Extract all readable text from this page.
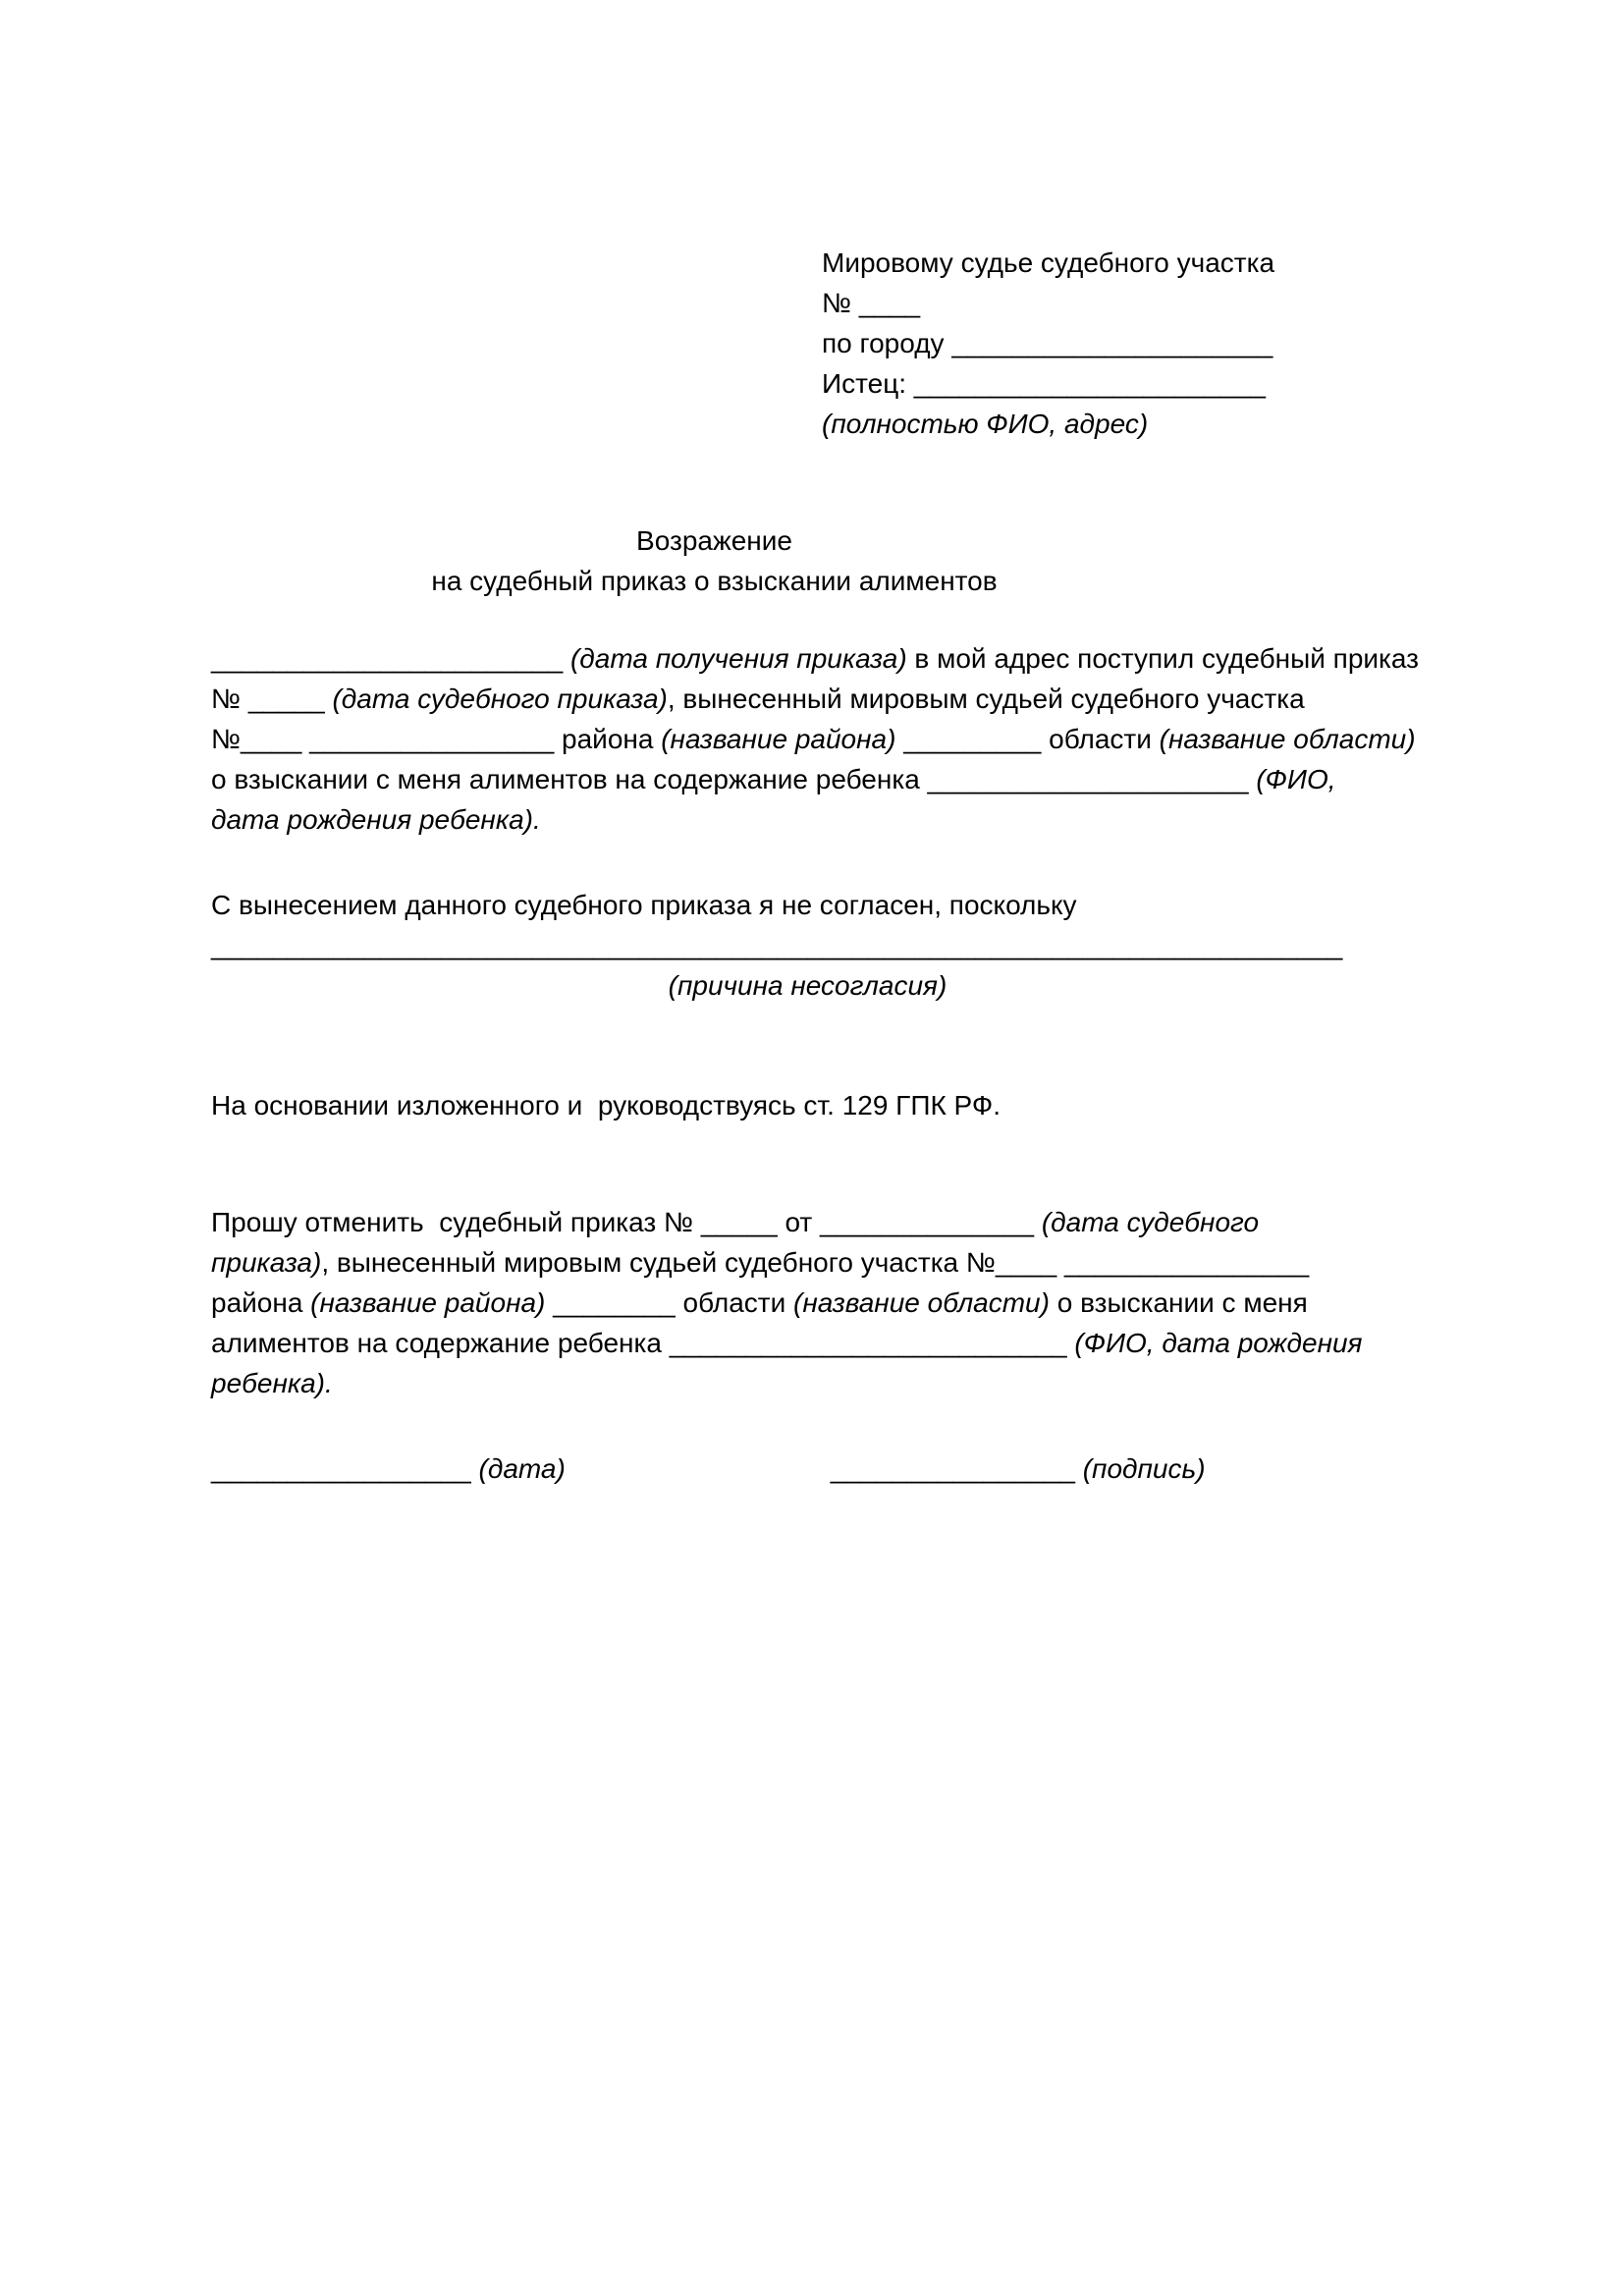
Мировому судье судебного участка
№ ____
по городу _____________________
Истец: _______________________
(полностью ФИО, адрес)
Возражение
на судебный приказ о взыскании алиментов
_______________________ (дата получения приказа) в мой адрес поступил судебный приказ
№ _____ (дата судебного приказа), вынесенный мировым судьей судебного участка
№____ ________________ района (название района) _________ области (название области)
о взыскании с меня алиментов на содержание ребенка _____________________ (ФИО,
дата рождения ребенка).
С вынесением данного судебного приказа я не согласен, поскольку
__________________________________________________________________________
(причина несогласия)
На основании изложенного и  руководствуясь ст. 129 ГПК РФ.
Прошу отменить  судебный приказ № _____ от ______________ (дата судебного
приказа), вынесенный мировым судьей судебного участка №____ ________________
района (название района) ________ области (название области) о взыскании с меня
алиментов на содержание ребенка __________________________ (ФИО, дата рождения
ребенка).
_________________ (дата)	________________ (подпись)
